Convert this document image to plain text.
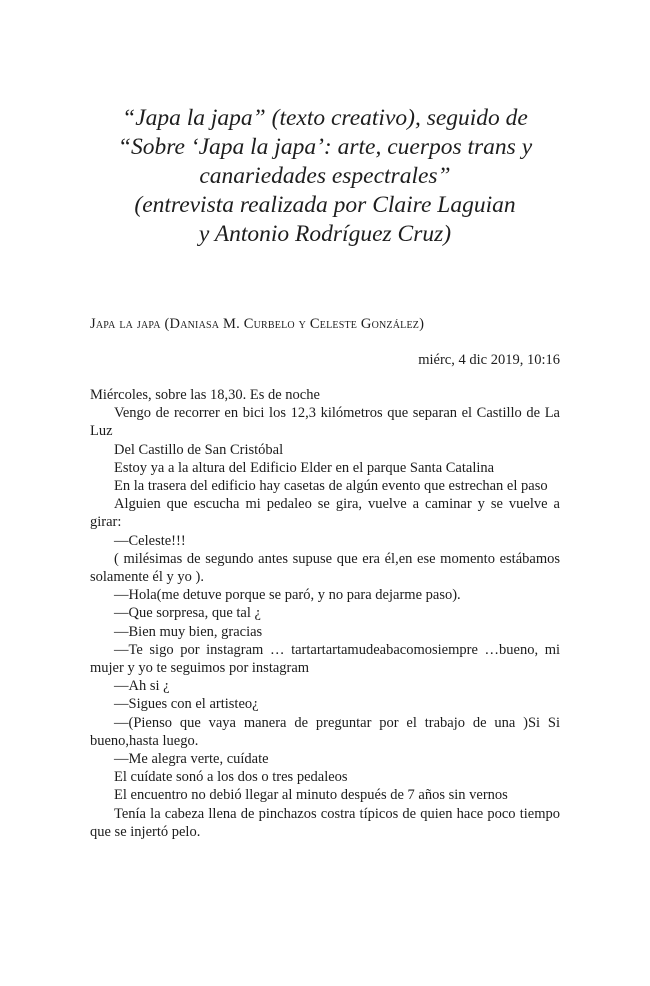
“Japa la japa” (texto creativo), seguido de
“Sobre ‘Japa la japa’: arte, cuerpos trans y
canariedades espectrales”
(entrevista realizada por Claire Laguian
y Antonio Rodríguez Cruz)
Japa la japa (Daniasa M. Curbelo y Celeste González)
miérc, 4 dic 2019, 10:16

Miércoles, sobre las 18,30. Es de noche

Vengo de recorrer en bici los 12,3 kilómetros que separan el Castillo de La Luz

Del Castillo de San Cristóbal

Estoy ya a la altura del Edificio Elder en el parque Santa Catalina

En la trasera del edificio hay casetas de algún evento que estrechan el paso

Alguien que escucha mi pedaleo se gira, vuelve a caminar y se vuelve a girar:

—Celeste!!!

( milésimas de segundo antes supuse que era él,en ese momento estábamos solamente él y yo ).

—Hola(me detuve porque se paró, y no para dejarme paso).

—Que sorpresa, que tal ¿

—Bien muy bien, gracias

—Te sigo por instagram … tartartartamudeabacomosiempre …bueno, mi mujer y yo te seguimos por instagram

—Ah si ¿

—Sigues con el artisteo¿

—(Pienso que vaya manera de preguntar por el trabajo de una )Si Si bueno,hasta luego.

—Me alegra verte, cuídate

El cuídate sonó a los dos o tres pedaleos

El encuentro no debió llegar al minuto después de 7 años sin vernos

Tenía la cabeza llena de pinchazos costra típicos de quien hace poco tiempo que se injertó pelo.
